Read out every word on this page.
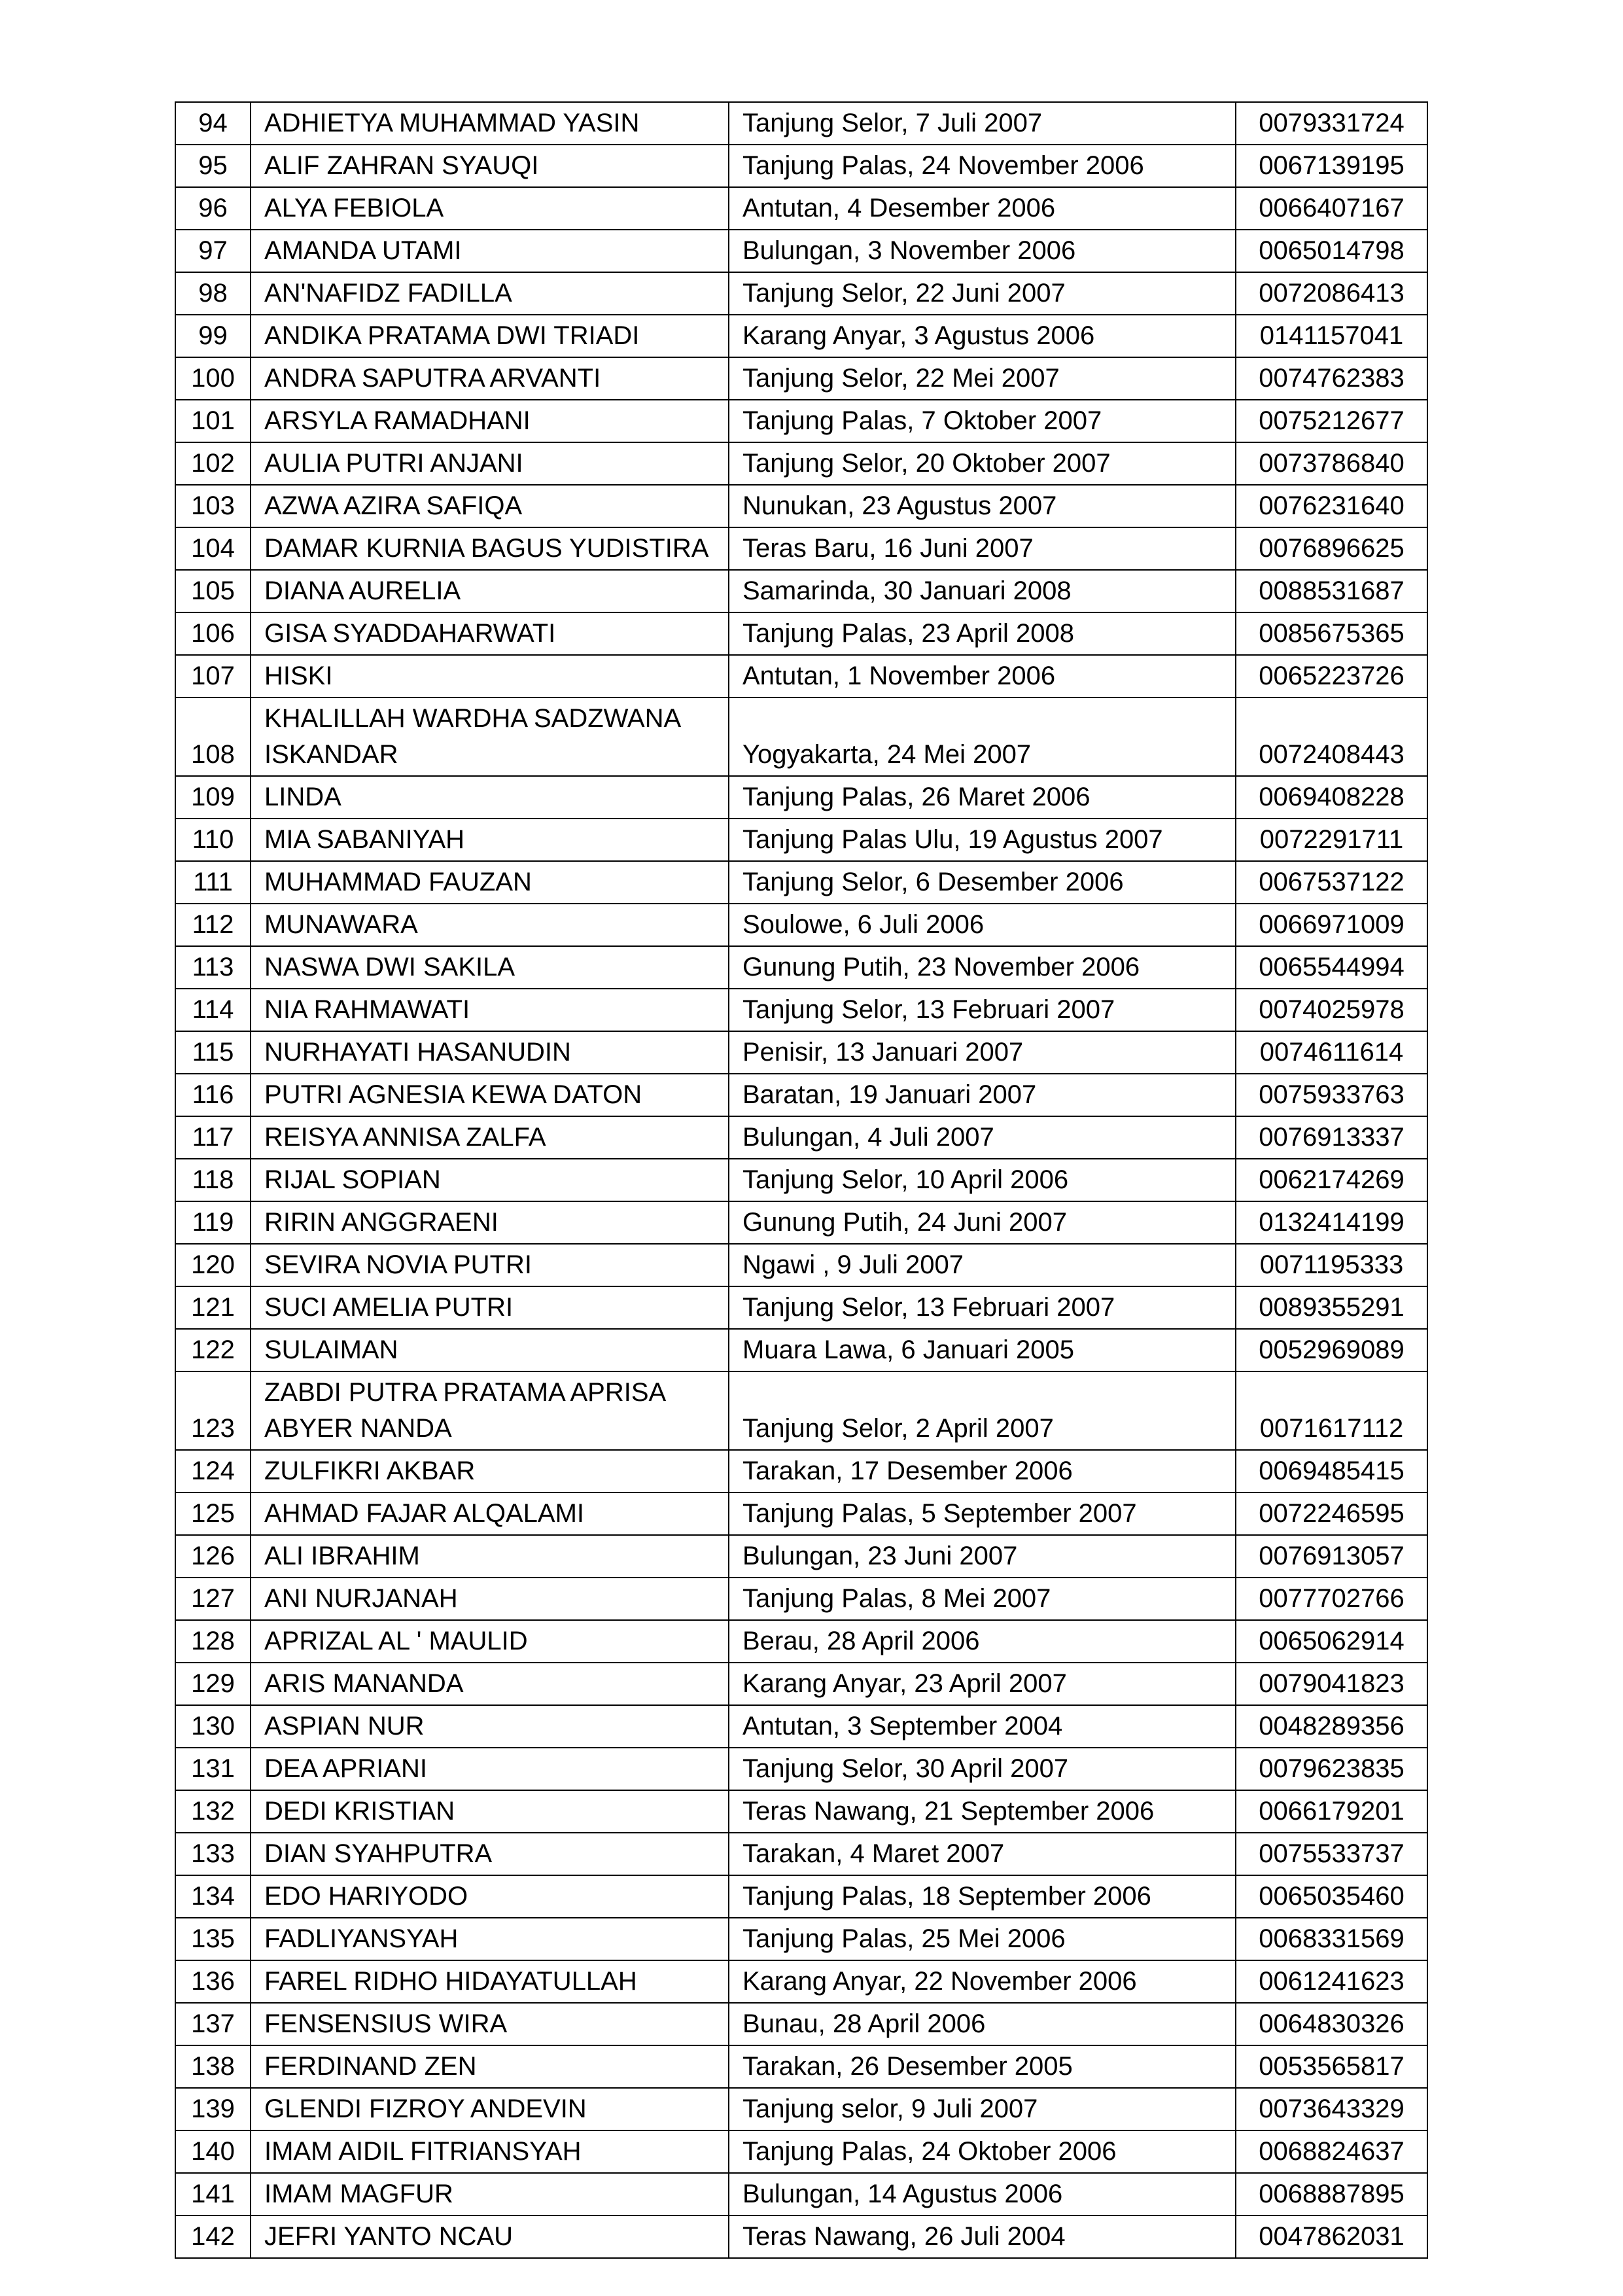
94	ADHIETYA MUHAMMAD YASIN	Tanjung Selor, 7 Juli 2007	0079331724
95	ALIF ZAHRAN SYAUQI	Tanjung Palas, 24 November 2006	0067139195
96	ALYA FEBIOLA	Antutan, 4 Desember 2006	0066407167
97	AMANDA UTAMI	Bulungan, 3 November 2006	0065014798
98	AN'NAFIDZ FADILLA	Tanjung Selor, 22 Juni 2007	0072086413
99	ANDIKA PRATAMA DWI TRIADI	Karang Anyar, 3 Agustus 2006	0141157041
100	ANDRA SAPUTRA ARVANTI	Tanjung Selor, 22 Mei 2007	0074762383
101	ARSYLA RAMADHANI	Tanjung Palas, 7 Oktober 2007	0075212677
102	AULIA PUTRI ANJANI	Tanjung Selor, 20 Oktober 2007	0073786840
103	AZWA AZIRA SAFIQA	Nunukan, 23 Agustus 2007	0076231640
104	DAMAR KURNIA BAGUS YUDISTIRA	Teras Baru, 16 Juni 2007	0076896625
105	DIANA AURELIA	Samarinda, 30 Januari 2008	0088531687
106	GISA SYADDAHARWATI	Tanjung Palas, 23 April 2008	0085675365
107	HISKI	Antutan, 1 November 2006	0065223726
108	KHALILLAH WARDHA SADZWANA ISKANDAR	Yogyakarta, 24 Mei 2007	0072408443
109	LINDA	Tanjung Palas, 26 Maret 2006	0069408228
110	MIA SABANIYAH	Tanjung Palas Ulu, 19 Agustus 2007	0072291711
111	MUHAMMAD FAUZAN	Tanjung Selor, 6 Desember 2006	0067537122
112	MUNAWARA	Soulowe, 6 Juli 2006	0066971009
113	NASWA DWI SAKILA	Gunung Putih, 23 November 2006	0065544994
114	NIA RAHMAWATI	Tanjung Selor, 13 Februari 2007	0074025978
115	NURHAYATI HASANUDIN	Penisir, 13 Januari 2007	0074611614
116	PUTRI AGNESIA KEWA DATON	Baratan, 19 Januari 2007	0075933763
117	REISYA ANNISA ZALFA	Bulungan, 4 Juli 2007	0076913337
118	RIJAL SOPIAN	Tanjung Selor, 10 April 2006	0062174269
119	RIRIN ANGGRAENI	Gunung Putih, 24 Juni 2007	0132414199
120	SEVIRA NOVIA PUTRI	Ngawi , 9 Juli 2007	0071195333
121	SUCI AMELIA PUTRI	Tanjung Selor, 13 Februari 2007	0089355291
122	SULAIMAN	Muara Lawa, 6 Januari 2005	0052969089
123	ZABDI PUTRA PRATAMA APRISA ABYER NANDA	Tanjung Selor, 2 April 2007	0071617112
124	ZULFIKRI AKBAR	Tarakan, 17 Desember 2006	0069485415
125	AHMAD FAJAR ALQALAMI	Tanjung Palas, 5 September 2007	0072246595
126	ALI IBRAHIM	Bulungan, 23 Juni 2007	0076913057
127	ANI NURJANAH	Tanjung Palas, 8 Mei 2007	0077702766
128	APRIZAL AL ' MAULID	Berau, 28 April 2006	0065062914
129	ARIS MANANDA	Karang Anyar, 23 April 2007	0079041823
130	ASPIAN NUR	Antutan, 3 September 2004	0048289356
131	DEA APRIANI	Tanjung Selor, 30 April 2007	0079623835
132	DEDI KRISTIAN	Teras Nawang, 21 September 2006	0066179201
133	DIAN SYAHPUTRA	Tarakan, 4 Maret 2007	0075533737
134	EDO HARIYODO	Tanjung Palas, 18 September 2006	0065035460
135	FADLIYANSYAH	Tanjung Palas, 25 Mei 2006	0068331569
136	FAREL RIDHO HIDAYATULLAH	Karang Anyar, 22 November 2006	0061241623
137	FENSENSIUS WIRA	Bunau, 28 April 2006	0064830326
138	FERDINAND ZEN	Tarakan, 26 Desember 2005	0053565817
139	GLENDI FIZROY ANDEVIN	Tanjung selor, 9 Juli 2007	0073643329
140	IMAM AIDIL FITRIANSYAH	Tanjung Palas, 24 Oktober 2006	0068824637
141	IMAM MAGFUR	Bulungan, 14 Agustus 2006	0068887895
142	JEFRI YANTO NCAU	Teras Nawang, 26 Juli 2004	0047862031
